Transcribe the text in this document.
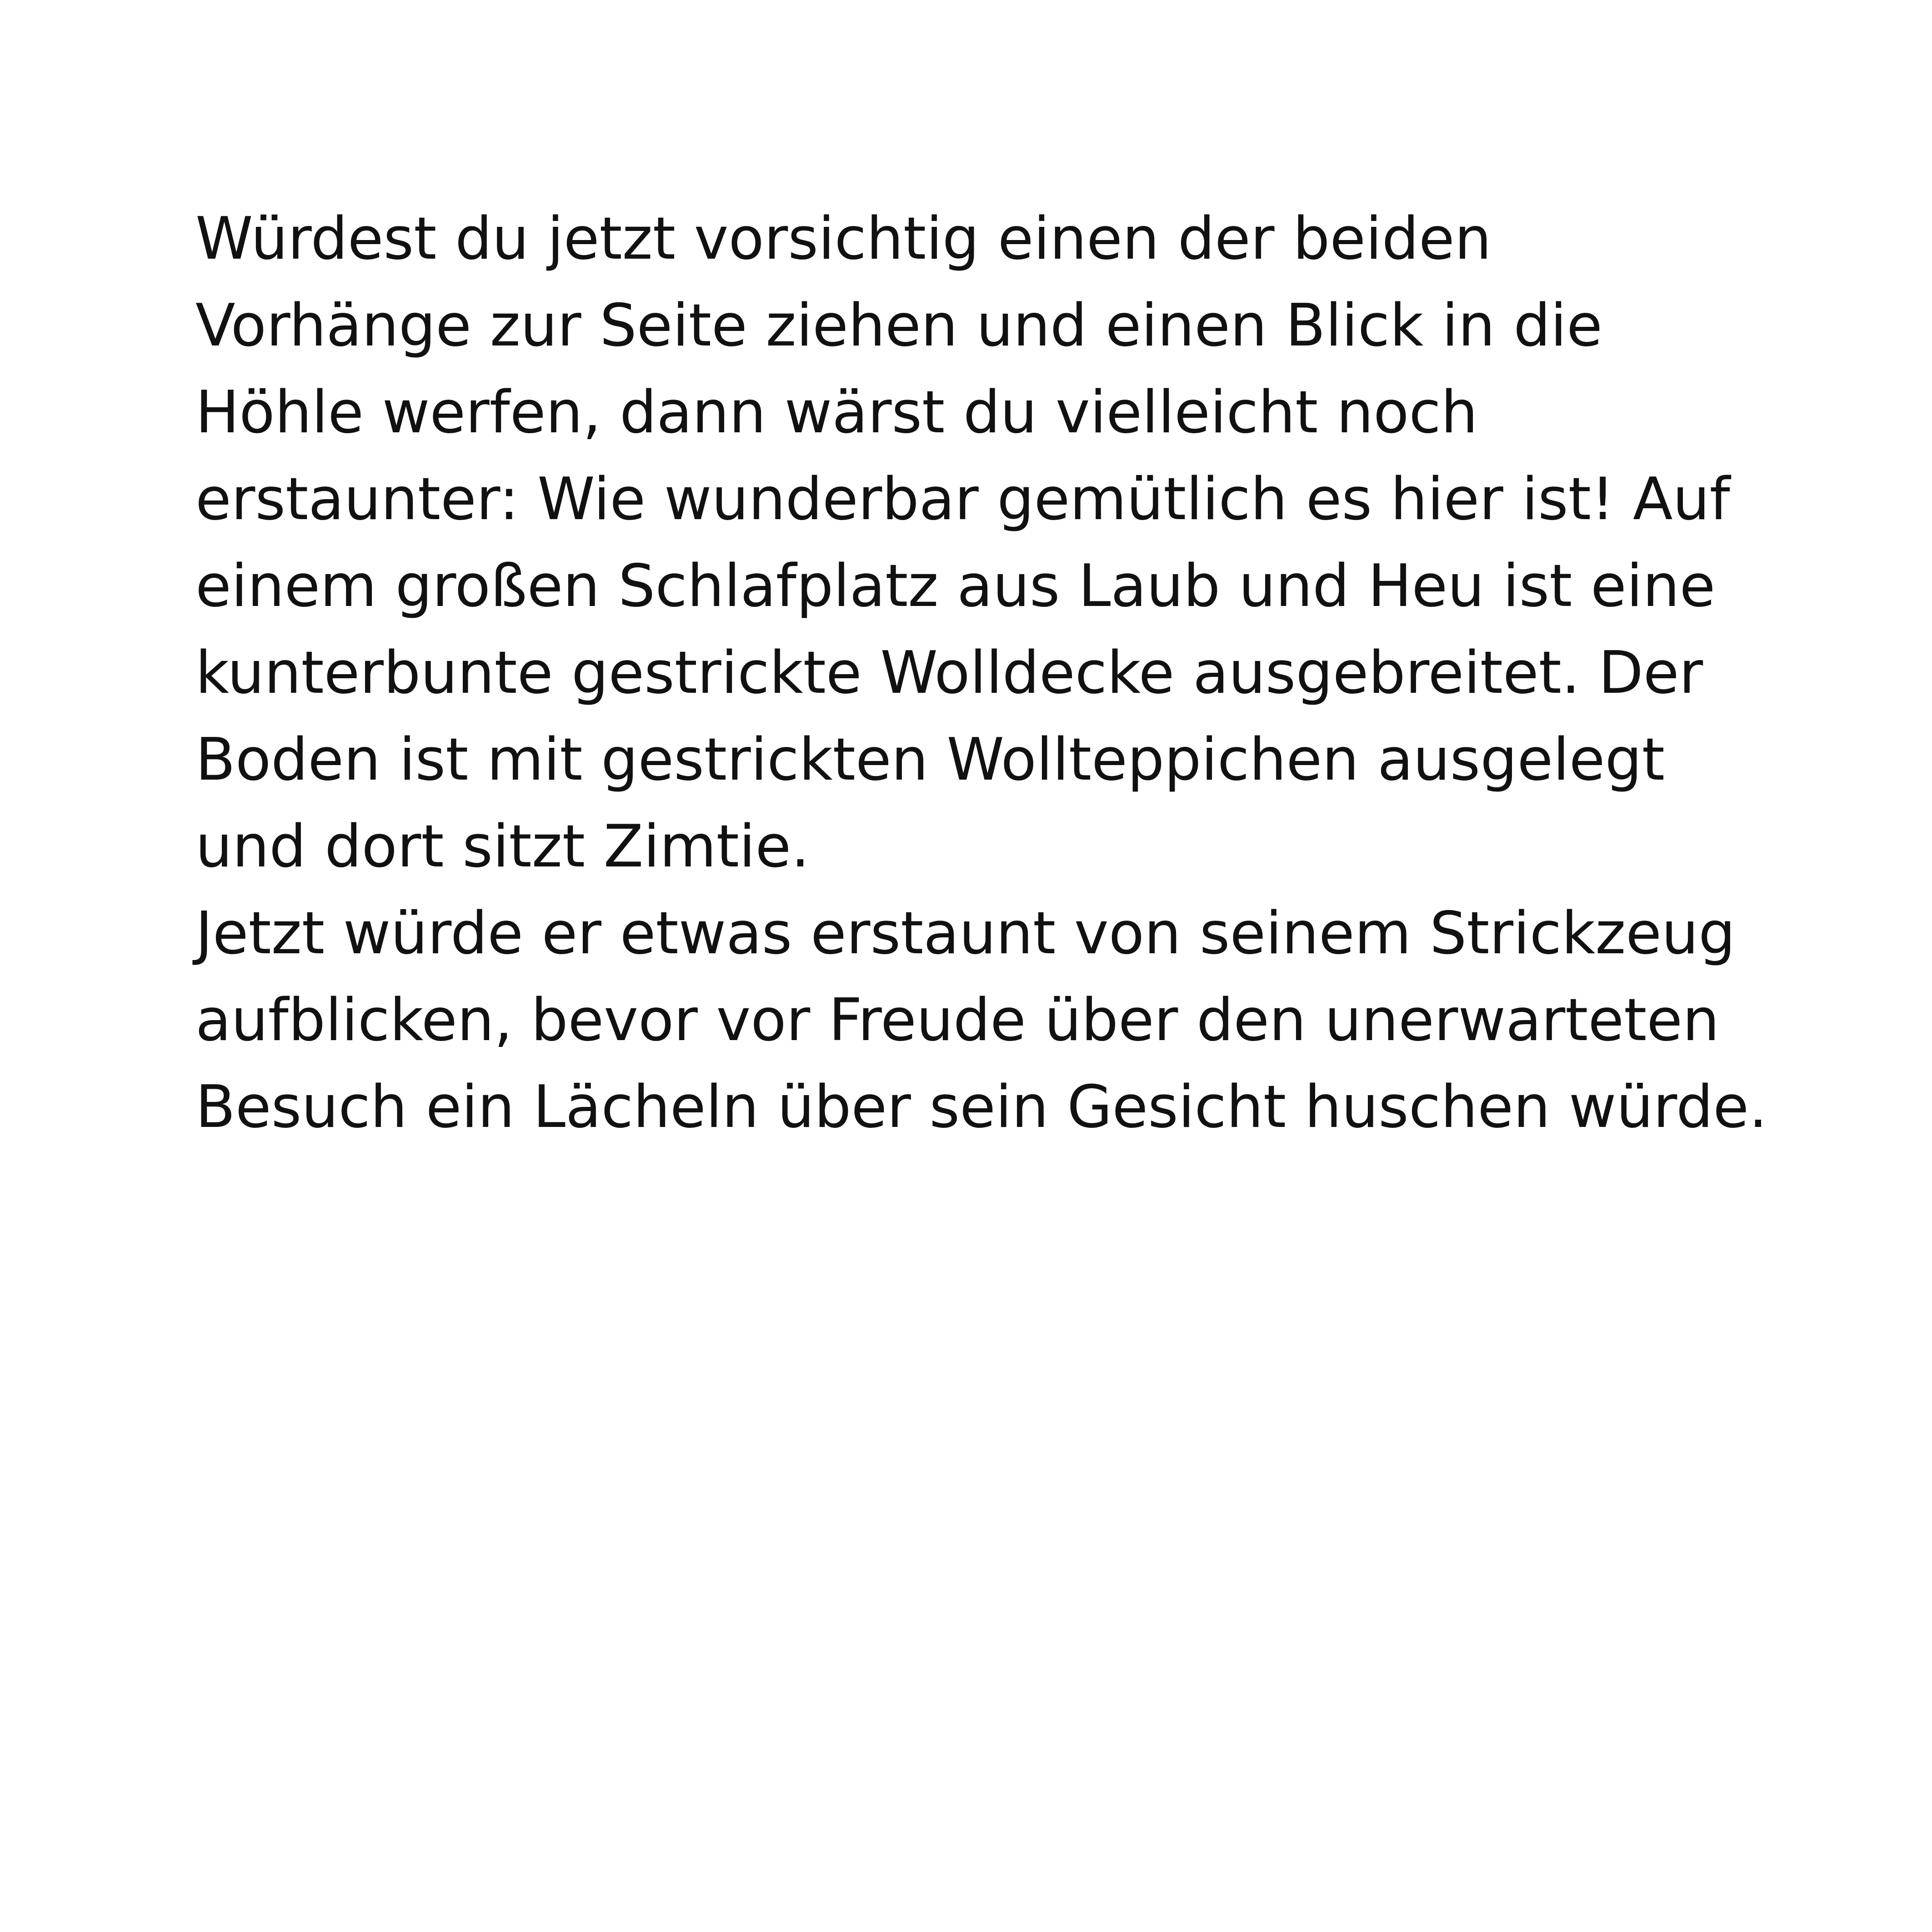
Würdest du jetzt vorsichtig einen der beiden
Vorhänge zur Seite ziehen und einen Blick in die
Höhle werfen, dann wärst du vielleicht noch
erstaunter: Wie wunderbar gemütlich es hier ist! Auf
einem großen Schlafplatz aus Laub und Heu ist eine
kunterbunte gestrickte Wolldecke ausgebreitet. Der
Boden ist mit gestrickten Wollteppichen ausgelegt
und dort sitzt Zimtie.
Jetzt würde er etwas erstaunt von seinem Strickzeug
aufblicken, bevor vor Freude über den unerwarteten
Besuch ein Lächeln über sein Gesicht huschen würde.
